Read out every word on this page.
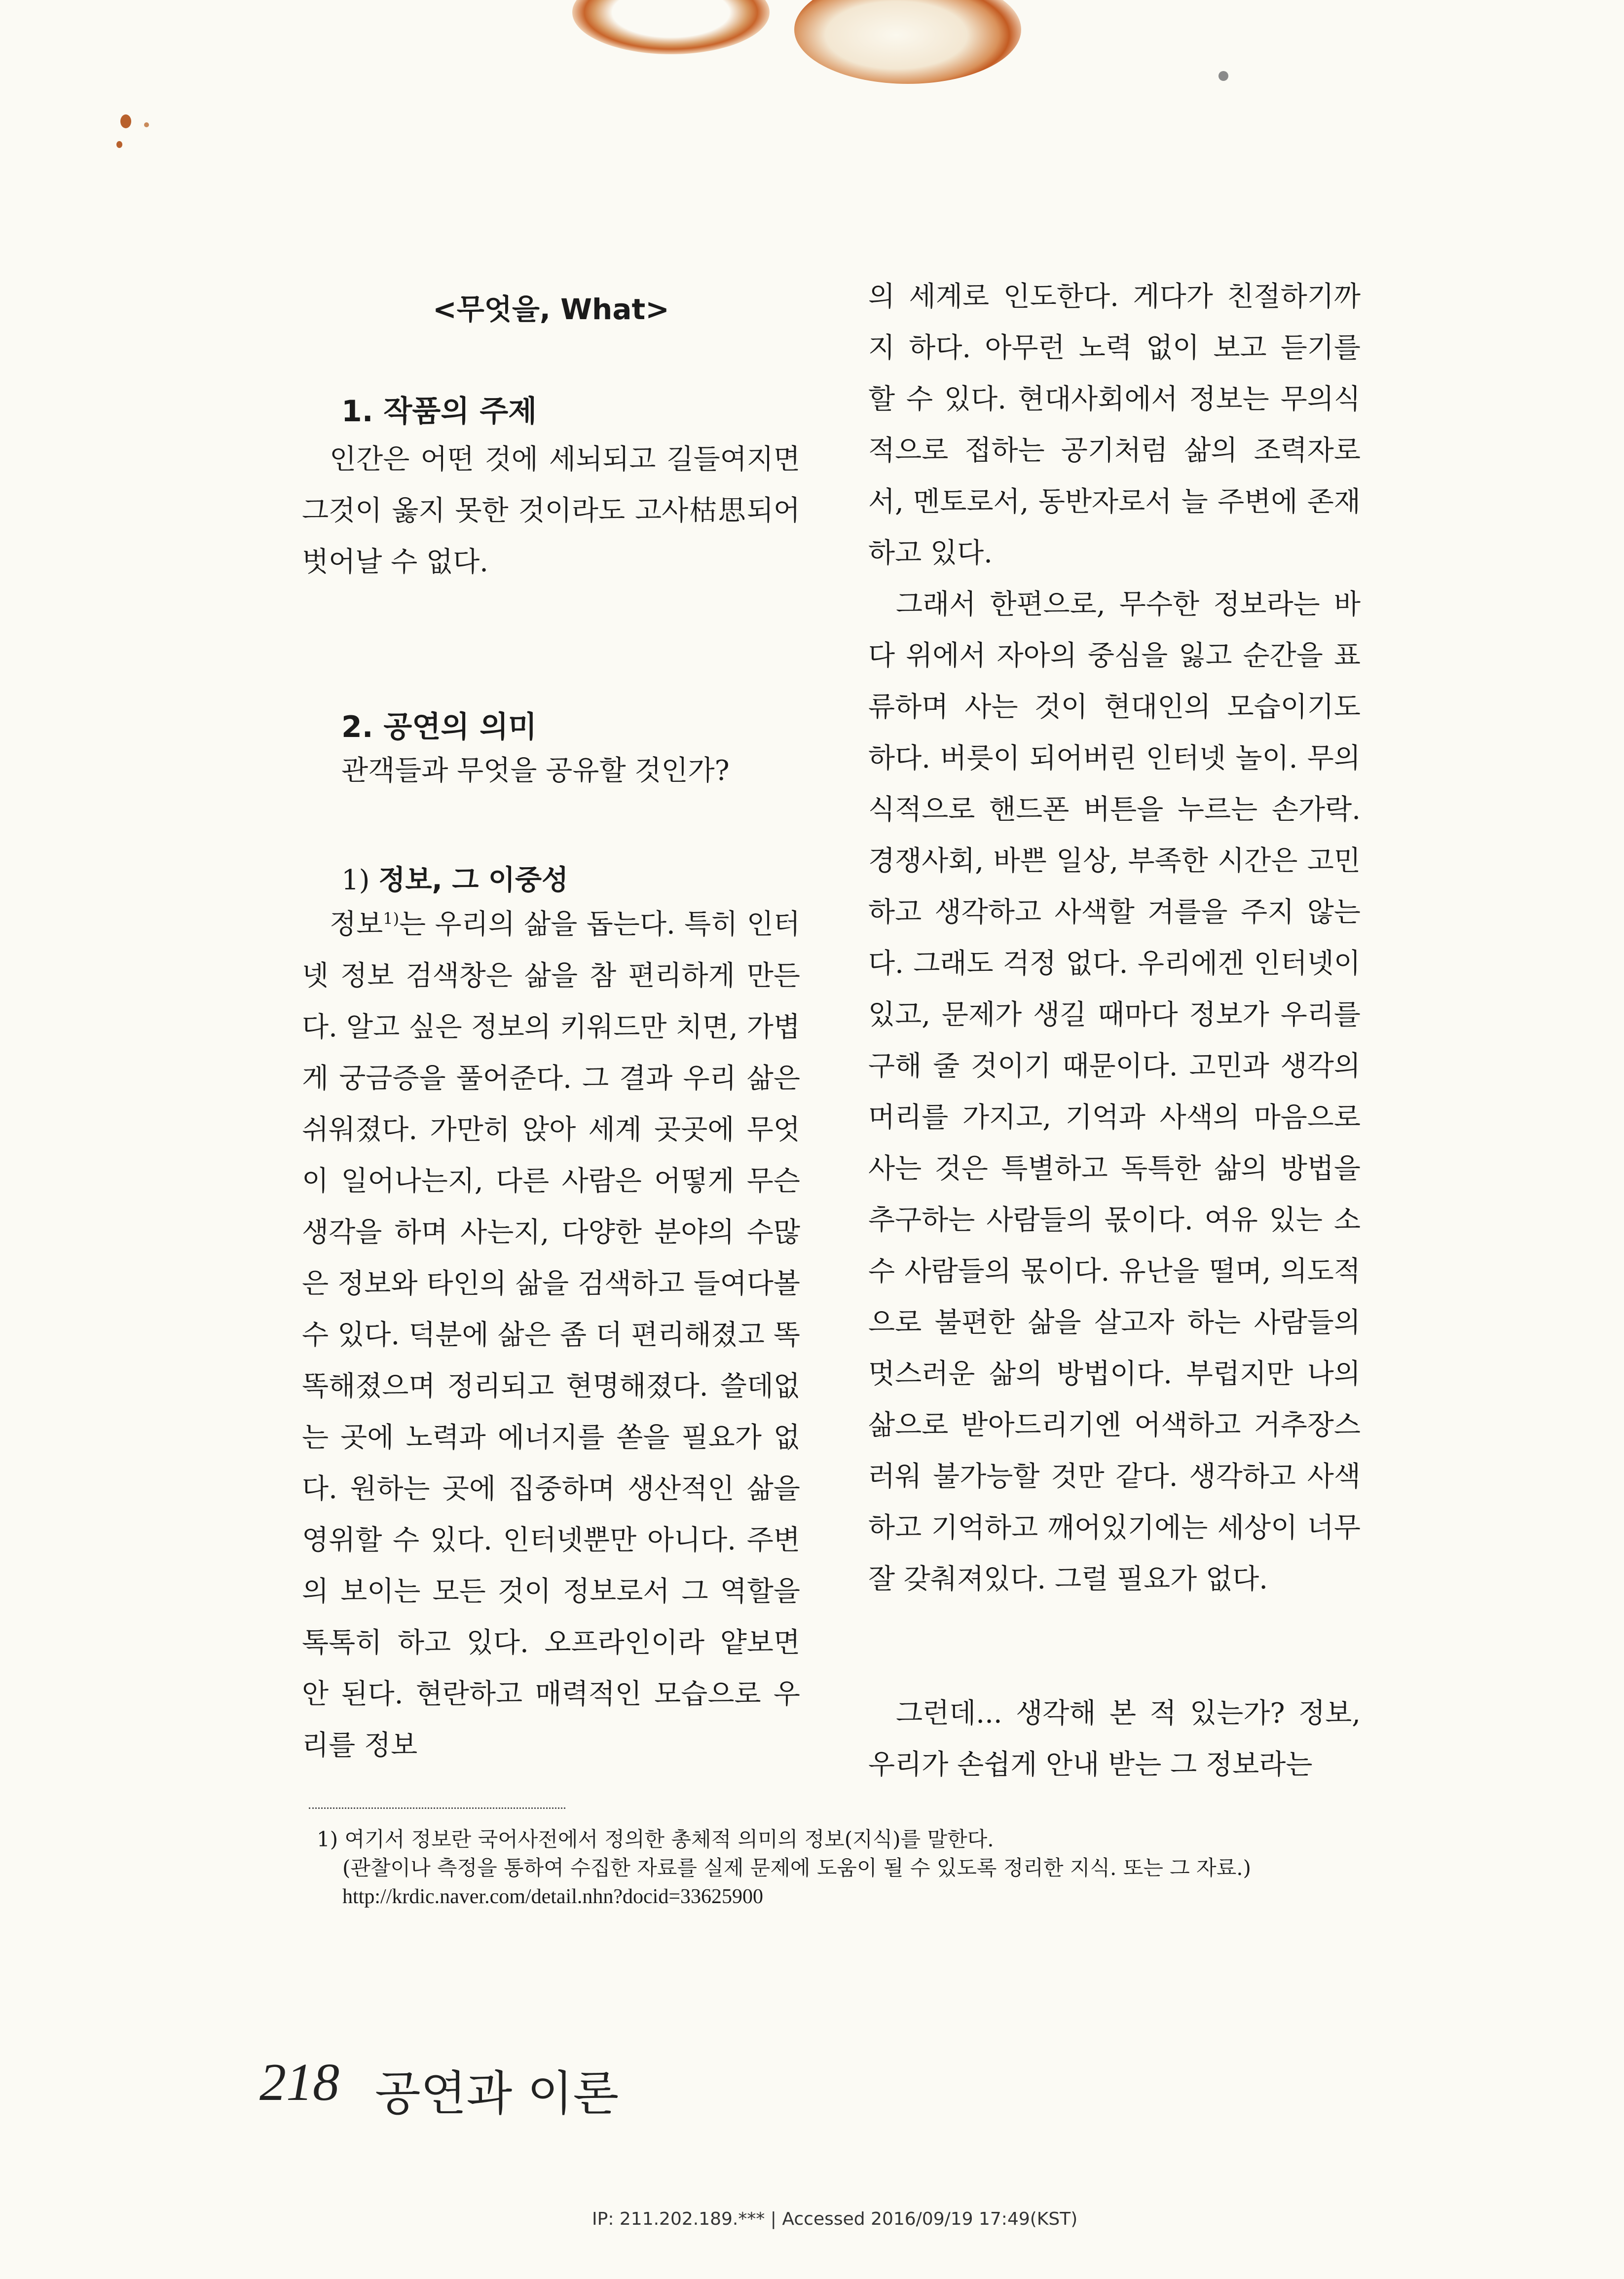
<무엇을, What>
1. 작품의 주제

인간은 어떤 것에 세뇌되고 길들여지면 그것이 옳지 못한 것이라도 고사枯思되어 벗어날 수 없다.

2. 공연의 의미
관객들과 무엇을 공유할 것인가?
1) 정보, 그 이중성

정보$^{1)}$는 우리의 삶을 돕는다. 특히 인터넷 정보 검색창은 삶을 참 편리하게 만든다. 알고 싶은 정보의 키워드만 치면, 가볍게 궁금증을 풀어준다. 그 결과 우리 삶은 쉬워졌다. 가만히 앉아 세계 곳곳에 무엇이 일어나는지, 다른 사람은 어떻게 무슨 생각을 하며 사는지, 다양한 분야의 수많은 정보와 타인의 삶을 검색하고 들여다볼 수 있다. 덕분에 삶은 좀 더 편리해졌고 똑똑해졌으며 정리되고 현명해졌다. 쓸데없는 곳에 노력과 에너지를 쏟을 필요가 없다. 원하는 곳에 집중하며 생산적인 삶을 영위할 수 있다. 인터넷뿐만 아니다. 주변의 보이는 모든 것이 정보로서 그 역할을 톡톡히 하고 있다. 오프라인이라 얕보면 안 된다. 현란하고 매력적인 모습으로 우리를 정보

의 세계로 인도한다. 게다가 친절하기까지 하다. 아무런 노력 없이 보고 듣기를 할 수 있다. 현대사회에서 정보는 무의식적으로 접하는 공기처럼 삶의 조력자로서, 멘토로서, 동반자로서 늘 주변에 존재하고 있다.

그래서 한편으로, 무수한 정보라는 바다 위에서 자아의 중심을 잃고 순간을 표류하며 사는 것이 현대인의 모습이기도 하다. 버릇이 되어버린 인터넷 놀이. 무의식적으로 핸드폰 버튼을 누르는 손가락. 경쟁사회, 바쁜 일상, 부족한 시간은 고민하고 생각하고 사색할 겨를을 주지 않는다. 그래도 걱정 없다. 우리에겐 인터넷이 있고, 문제가 생길 때마다 정보가 우리를 구해 줄 것이기 때문이다. 고민과 생각의 머리를 가지고, 기억과 사색의 마음으로 사는 것은 특별하고 독특한 삶의 방법을 추구하는 사람들의 몫이다. 여유 있는 소수 사람들의 몫이다. 유난을 떨며, 의도적으로 불편한 삶을 살고자 하는 사람들의 멋스러운 삶의 방법이다. 부럽지만 나의 삶으로 받아드리기엔 어색하고 거추장스러워 불가능할 것만 같다. 생각하고 사색하고 기억하고 깨어있기에는 세상이 너무 잘 갖춰져있다. 그럴 필요가 없다.

그런데... 생각해 본 적 있는가? 정보, 우리가 손쉽게 안내 받는 그 정보라는

1) 여기서 정보란 국어사전에서 정의한 총체적 의미의 정보(지식)를 말한다.
(관찰이나 측정을 통하여 수집한 자료를 실제 문제에 도움이 될 수 있도록 정리한 지식. 또는 그 자료.)
http://krdic.naver.com/detail.nhn?docid=33625900
218 공연과 이론
IP: 211.202.189.*** | Accessed 2016/09/19 17:49(KST)
